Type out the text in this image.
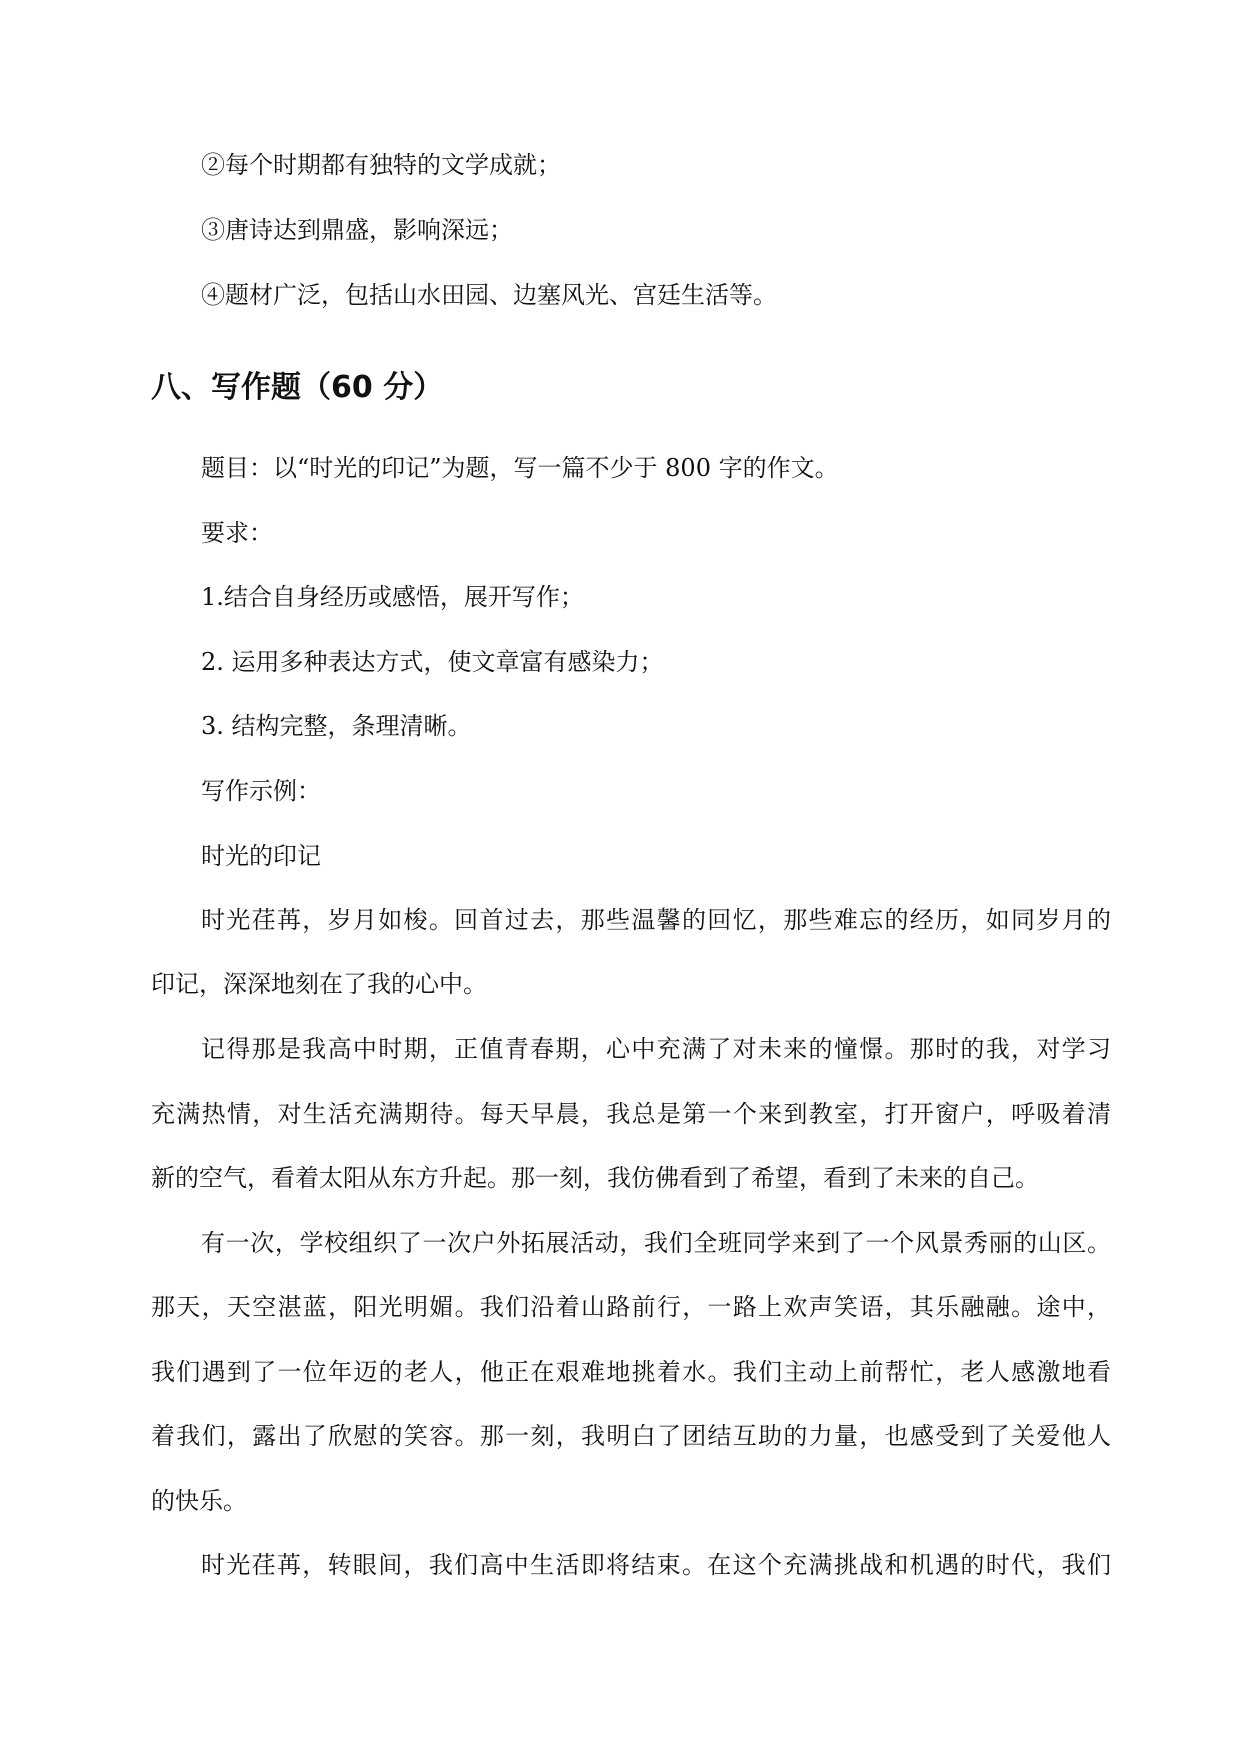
②每个时期都有独特的文学成就；

③唐诗达到鼎盛，影响深远；

④题材广泛，包括山水田园、边塞风光、宫廷生活等。

八、写作题（60 分）

题目：以“时光的印记”为题，写一篇不少于 800 字的作文。

要求：

1.结合自身经历或感悟，展开写作；

2. 运用多种表达方式，使文章富有感染力；

3. 结构完整，条理清晰。

写作示例：

时光的印记

时光荏苒，岁月如梭。回首过去，那些温馨的回忆，那些难忘的经历，如同岁月的

印记，深深地刻在了我的心中。

记得那是我高中时期，正值青春期，心中充满了对未来的憧憬。那时的我，对学习

充满热情，对生活充满期待。每天早晨，我总是第一个来到教室，打开窗户，呼吸着清

新的空气，看着太阳从东方升起。那一刻，我仿佛看到了希望，看到了未来的自己。

有一次，学校组织了一次户外拓展活动，我们全班同学来到了一个风景秀丽的山区。

那天，天空湛蓝，阳光明媚。我们沿着山路前行，一路上欢声笑语，其乐融融。途中，

我们遇到了一位年迈的老人，他正在艰难地挑着水。我们主动上前帮忙，老人感激地看

着我们，露出了欣慰的笑容。那一刻，我明白了团结互助的力量，也感受到了关爱他人

的快乐。

时光荏苒，转眼间，我们高中生活即将结束。在这个充满挑战和机遇的时代，我们
